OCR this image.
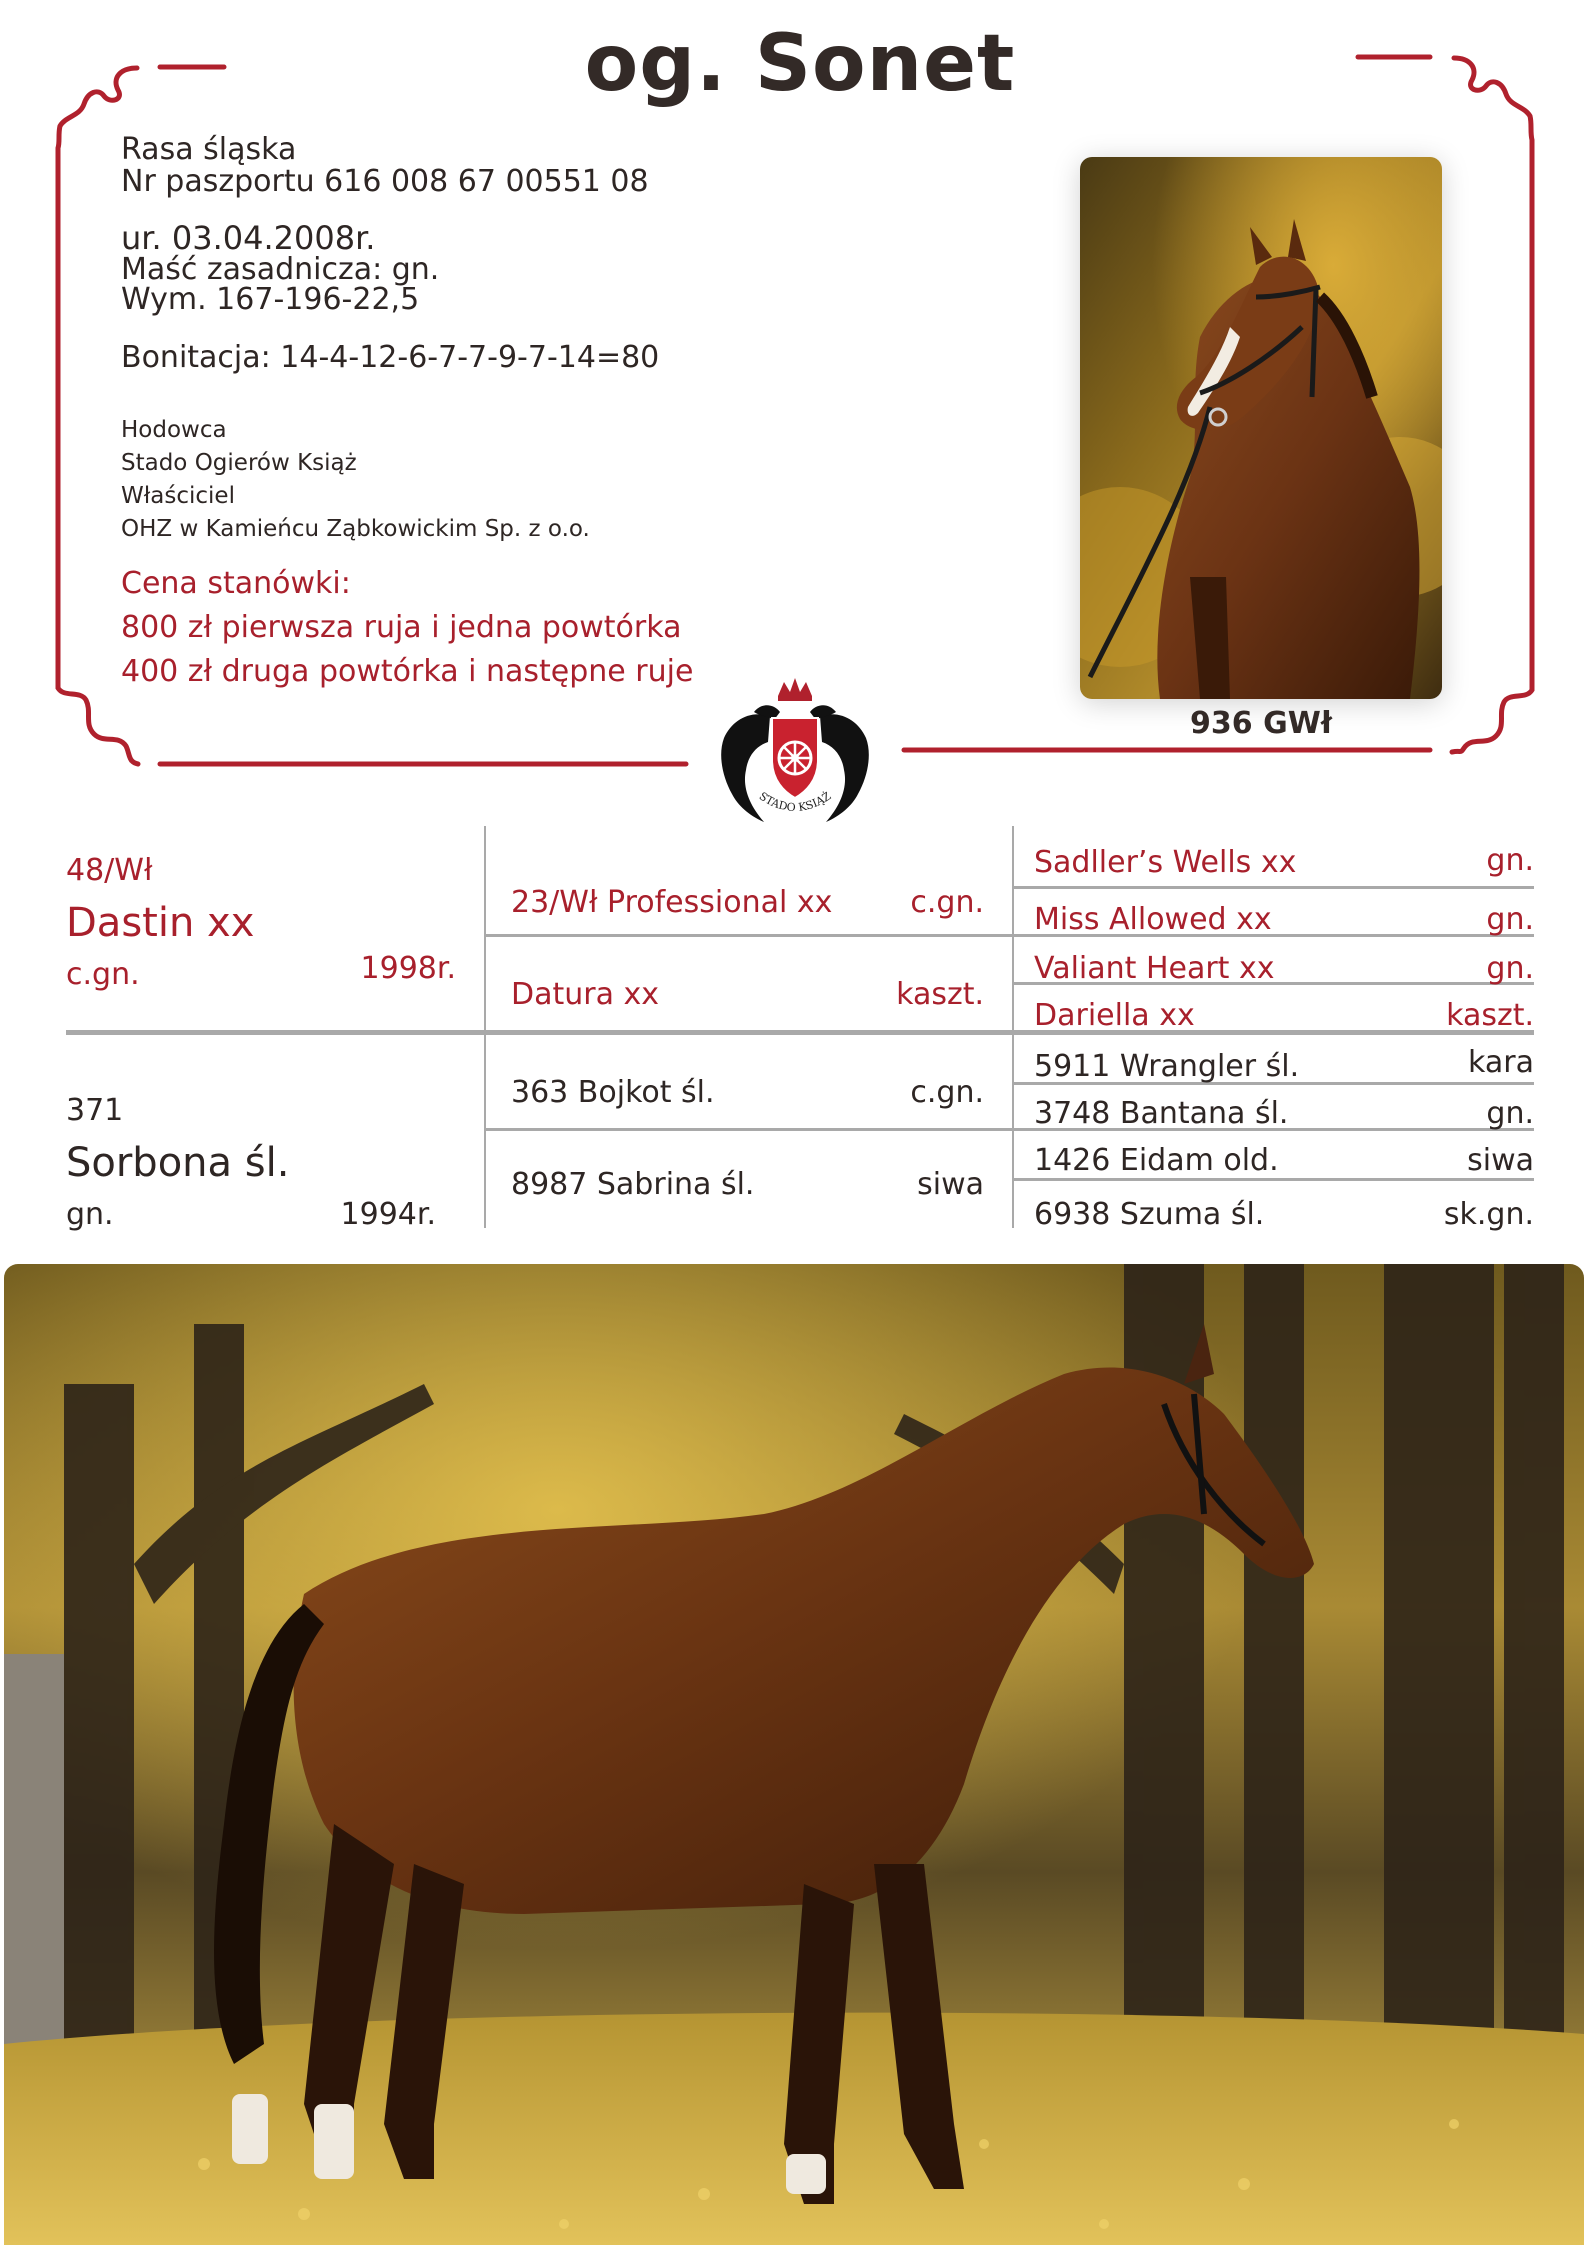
og. Sonet
Rasa śląska
Nr paszportu 616 008 67 00551 08
ur. 03.04.2008r.
Maść zasadnicza: gn.
Wym. 167-196-22,5
Bonitacja: 14-4-12-6-7-7-9-7-14=80
Hodowca
Stado Ogierów Książ
Właściciel
OHZ w Kamieńcu Ząbkowickim Sp. z o.o.
Cena stanówki:
800 zł pierwsza ruja i jedna powtórka
400 zł druga powtórka i następne ruje
936 GWł
STADO KSIĄŻ
48/Wł
Dastin xx
c.gn.	1998r.
371
Sorbona śl.
gn.	1994r.
23/Wł Professional xx	c.gn.
Datura xx	kaszt.
363 Bojkot śl.	c.gn.
8987 Sabrina śl.	siwa
Sadller’s Wells xx	gn.
Miss Allowed xx	gn.
Valiant Heart xx	gn.
Dariella xx	kaszt.
5911 Wrangler śl.	kara
3748 Bantana śl.	gn.
1426 Eidam old.	siwa
6938 Szuma śl.	sk.gn.
